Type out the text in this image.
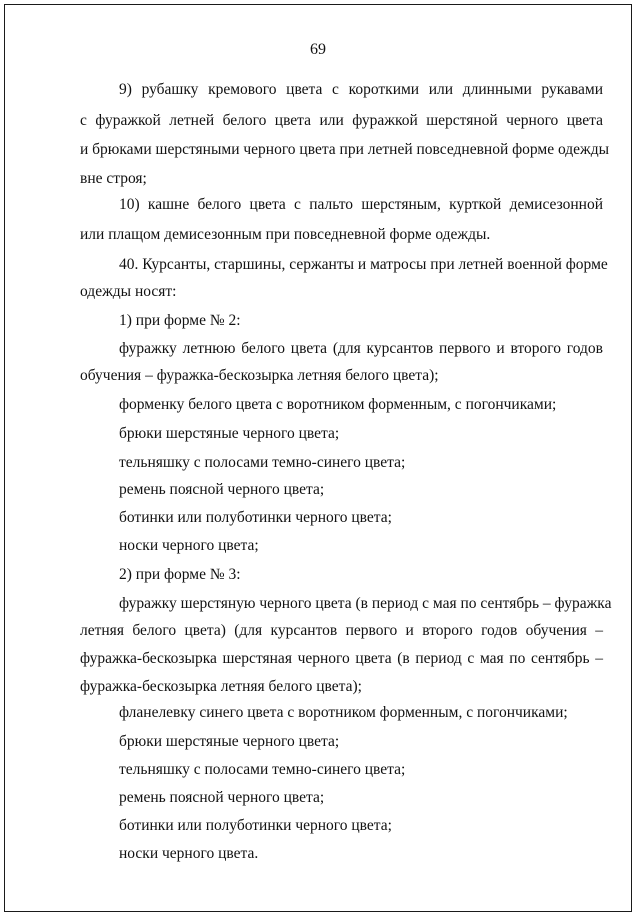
69
9) рубашку кремового цвета с короткими или длинными рукавами
с фуражкой летней белого цвета или фуражкой шерстяной черного цвета
и брюками шерстяными черного цвета при летней повседневной форме одежды
вне строя;
10) кашне белого цвета с пальто шерстяным, курткой демисезонной
или плащом демисезонным при повседневной форме одежды.
40. Курсанты, старшины, сержанты и матросы при летней военной форме
одежды носят:
1) при форме № 2:
фуражку летнюю белого цвета (для курсантов первого и второго годов
обучения – фуражка-бескозырка летняя белого цвета);
форменку белого цвета с воротником форменным, с погончиками;
брюки шерстяные черного цвета;
тельняшку с полосами темно-синего цвета;
ремень поясной черного цвета;
ботинки или полуботинки черного цвета;
носки черного цвета;
2) при форме № 3:
фуражку шерстяную черного цвета (в период с мая по сентябрь – фуражка
летняя белого цвета) (для курсантов первого и второго годов обучения –
фуражка-бескозырка шерстяная черного цвета (в период с мая по сентябрь –
фуражка-бескозырка летняя белого цвета);
фланелевку синего цвета с воротником форменным, с погончиками;
брюки шерстяные черного цвета;
тельняшку с полосами темно-синего цвета;
ремень поясной черного цвета;
ботинки или полуботинки черного цвета;
носки черного цвета.
